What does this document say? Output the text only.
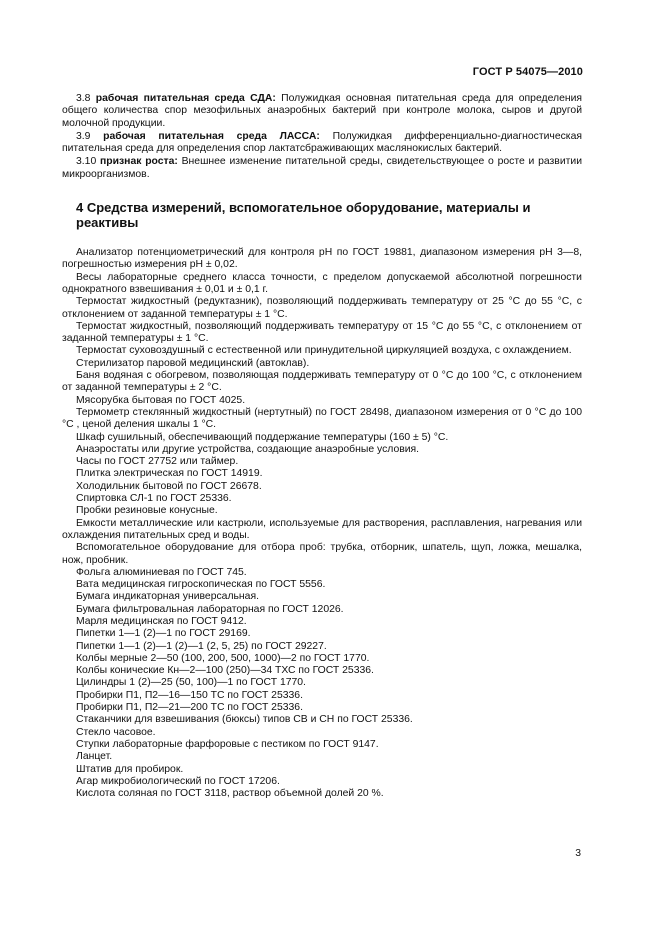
ГОСТ Р 54075—2010

3.8 рабочая питательная среда СДА: Полужидкая основная питательная среда для определения общего количества спор мезофильных анаэробных бактерий при контроле молока, сыров и другой молочной продукции.

3.9 рабочая питательная среда ЛАССА: Полужидкая дифференциально-диагностическая питательная среда для определения спор лактатсбраживающих маслянокислых бактерий.

3.10 признак роста: Внешнее изменение питательной среды, свидетельствующее о росте и развитии микроорганизмов.

4 Средства измерений, вспомогательное оборудование, материалы и реактивы

Анализатор потенциометрический для контроля pH по ГОСТ 19881, диапазоном измерения pH 3—8, погрешностью измерения pH ± 0,02.

Весы лабораторные среднего класса точности, с пределом допускаемой абсолютной погрешности однократного взвешивания ± 0,01 и ± 0,1 г.

Термостат жидкостный (редуктазник), позволяющий поддерживать температуру от 25 °С до 55 °С, с отклонением от заданной температуры ± 1 °С.

Термостат жидкостный, позволяющий поддерживать температуру от 15 °С до 55 °С, с отклонением от заданной температуры ± 1 °С.

Термостат суховоздушный с естественной или принудительной циркуляцией воздуха, с охлаждением.

Стерилизатор паровой медицинский (автоклав).

Баня водяная с обогревом, позволяющая поддерживать температуру от 0 °С до 100 °С, с отклонением от заданной температуры ± 2 °С.

Мясорубка бытовая по ГОСТ 4025.

Термометр стеклянный жидкостный (нертутный) по ГОСТ 28498, диапазоном измерения от 0 °С до 100 °С , ценой деления шкалы 1 °С.

Шкаф сушильный, обеспечивающий поддержание температуры (160 ± 5) °С.

Анаэростаты или другие устройства, создающие анаэробные условия.

Часы по ГОСТ 27752 или таймер.

Плитка электрическая по ГОСТ 14919.

Холодильник бытовой по ГОСТ 26678.

Спиртовка СЛ-1 по ГОСТ 25336.

Пробки резиновые конусные.

Емкости металлические или кастрюли, используемые для растворения, расплавления, нагревания или охлаждения питательных сред и воды.

Вспомогательное оборудование для отбора проб: трубка, отборник, шпатель, щуп, ложка, мешалка, нож, пробник.

Фольга алюминиевая по ГОСТ 745.

Вата медицинская гигроскопическая по ГОСТ 5556.

Бумага индикаторная универсальная.

Бумага фильтровальная лабораторная по ГОСТ 12026.

Марля медицинская по ГОСТ 9412.

Пипетки 1—1 (2)—1 по ГОСТ 29169.

Пипетки 1—1 (2)—1 (2)—1 (2, 5, 25) по ГОСТ 29227.

Колбы мерные 2—50 (100, 200, 500, 1000)—2 по ГОСТ 1770.

Колбы конические Кн—2—100 (250)—34 ТХС по ГОСТ 25336.

Цилиндры 1 (2)—25 (50, 100)—1 по ГОСТ 1770.

Пробирки П1, П2—16—150 ТС по ГОСТ 25336.

Пробирки П1, П2—21—200 ТС по ГОСТ 25336.

Стаканчики для взвешивания (бюксы) типов СВ и СН по ГОСТ 25336.

Стекло часовое.

Ступки лабораторные фарфоровые с пестиком по ГОСТ 9147.

Ланцет.

Штатив для пробирок.

Агар микробиологический по ГОСТ 17206.

Кислота соляная по ГОСТ 3118, раствор объемной долей 20 %.

3
